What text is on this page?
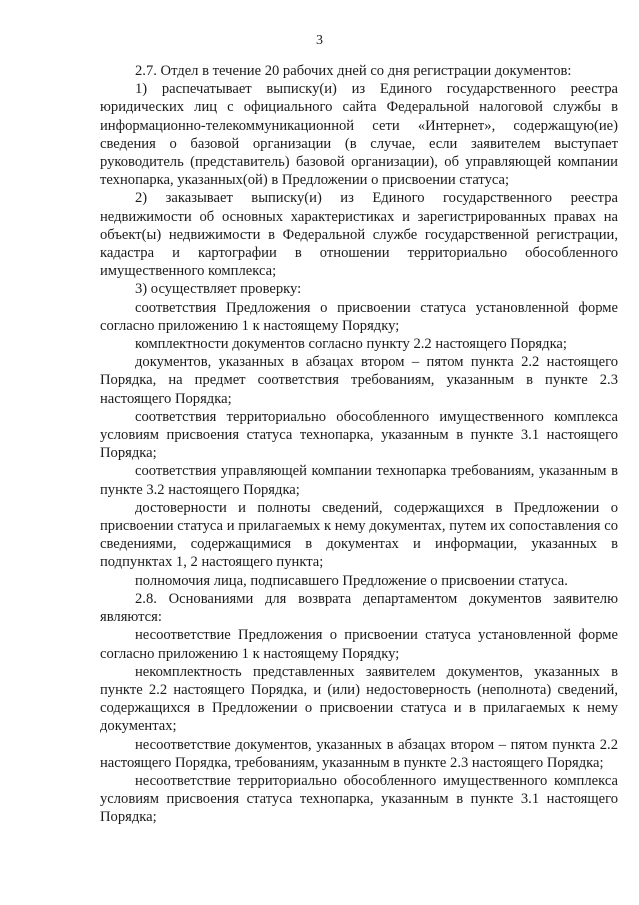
3

2.7. Отдел в течение 20 рабочих дней со дня регистрации документов:

1) распечатывает выписку(и) из Единого государственного реестра юридических лиц с официального сайта Федеральной налоговой службы в информационно-телекоммуникационной сети «Интернет», содержащую(ие) сведения о базовой организации (в случае, если заявителем выступает руководитель (представитель) базовой организации), об управляющей компании технопарка, указанных(ой) в Предложении о присвоении статуса;

2) заказывает выписку(и) из Единого государственного реестра недвижимости об основных характеристиках и зарегистрированных правах на объект(ы) недвижимости в Федеральной службе государственной регистрации, кадастра и картографии в отношении территориально обособленного имущественного комплекса;

3) осуществляет проверку:

соответствия Предложения о присвоении статуса установленной форме согласно приложению 1 к настоящему Порядку;

комплектности документов согласно пункту 2.2 настоящего Порядка;

документов, указанных в абзацах втором – пятом пункта 2.2 настоящего Порядка, на предмет соответствия требованиям, указанным в пункте 2.3 настоящего Порядка;

соответствия территориально обособленного имущественного комплекса условиям присвоения статуса технопарка, указанным в пункте 3.1 настоящего Порядка;

соответствия управляющей компании технопарка требованиям, указанным в пункте 3.2 настоящего Порядка;

достоверности и полноты сведений, содержащихся в Предложении о присвоении статуса и прилагаемых к нему документах, путем их сопоставления со сведениями, содержащимися в документах и информации, указанных в подпунктах 1, 2 настоящего пункта;

полномочия лица, подписавшего Предложение о присвоении статуса.

2.8. Основаниями для возврата департаментом документов заявителю являются:

несоответствие Предложения о присвоении статуса установленной форме согласно приложению 1 к настоящему Порядку;

некомплектность представленных заявителем документов, указанных в пункте 2.2 настоящего Порядка, и (или) недостоверность (неполнота) сведений, содержащихся в Предложении о присвоении статуса и в прилагаемых к нему документах;

несоответствие документов, указанных в абзацах втором – пятом пункта 2.2 настоящего Порядка, требованиям, указанным в пункте 2.3 настоящего Порядка;

несоответствие территориально обособленного имущественного комплекса условиям присвоения статуса технопарка, указанным в пункте 3.1 настоящего Порядка;
